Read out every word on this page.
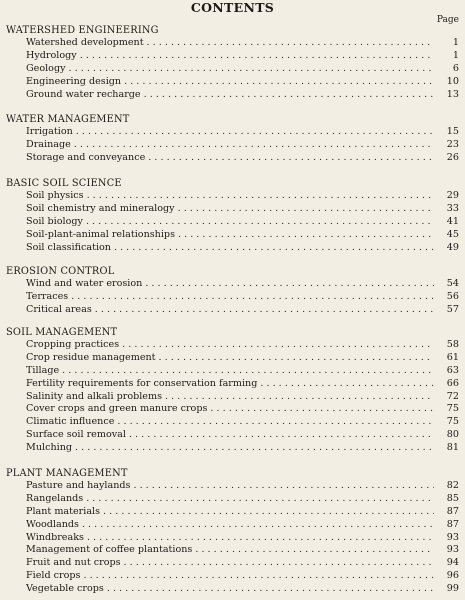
CONTENTS
Page
WATERSHED ENGINEERING
Watershed development . . .	1
Hydrology . . .	1
Geology . . .	6
Engineering design . . .	10
Ground water recharge . . .	13
WATER MANAGEMENT
Irrigation . . .	15
Drainage . . .	23
Storage and conveyance . . .	26
BASIC SOIL SCIENCE
Soil physics . . .	29
Soil chemistry and mineralogy . . .	33
Soil biology . . .	41
Soil-plant-animal relationships . . .	45
Soil classification . . .	49
EROSION CONTROL
Wind and water erosion . . .	54
Terraces . . .	56
Critical areas . . .	57
SOIL MANAGEMENT
Cropping practices . . .	58
Crop residue management . . .	61
Tillage . . .	63
Fertility requirements for conservation farming . . .	66
Salinity and alkali problems . . .	72
Cover crops and green manure crops . . .	75
Climatic influence . . .	75
Surface soil removal . . .	80
Mulching . . .	81
PLANT MANAGEMENT
Pasture and haylands . . .	82
Rangelands . . .	85
Plant materials . . .	87
Woodlands . . .	87
Windbreaks . . .	93
Management of coffee plantations . . .	93
Fruit and nut crops . . .	94
Field crops . . .	96
Vegetable crops . . .	99
